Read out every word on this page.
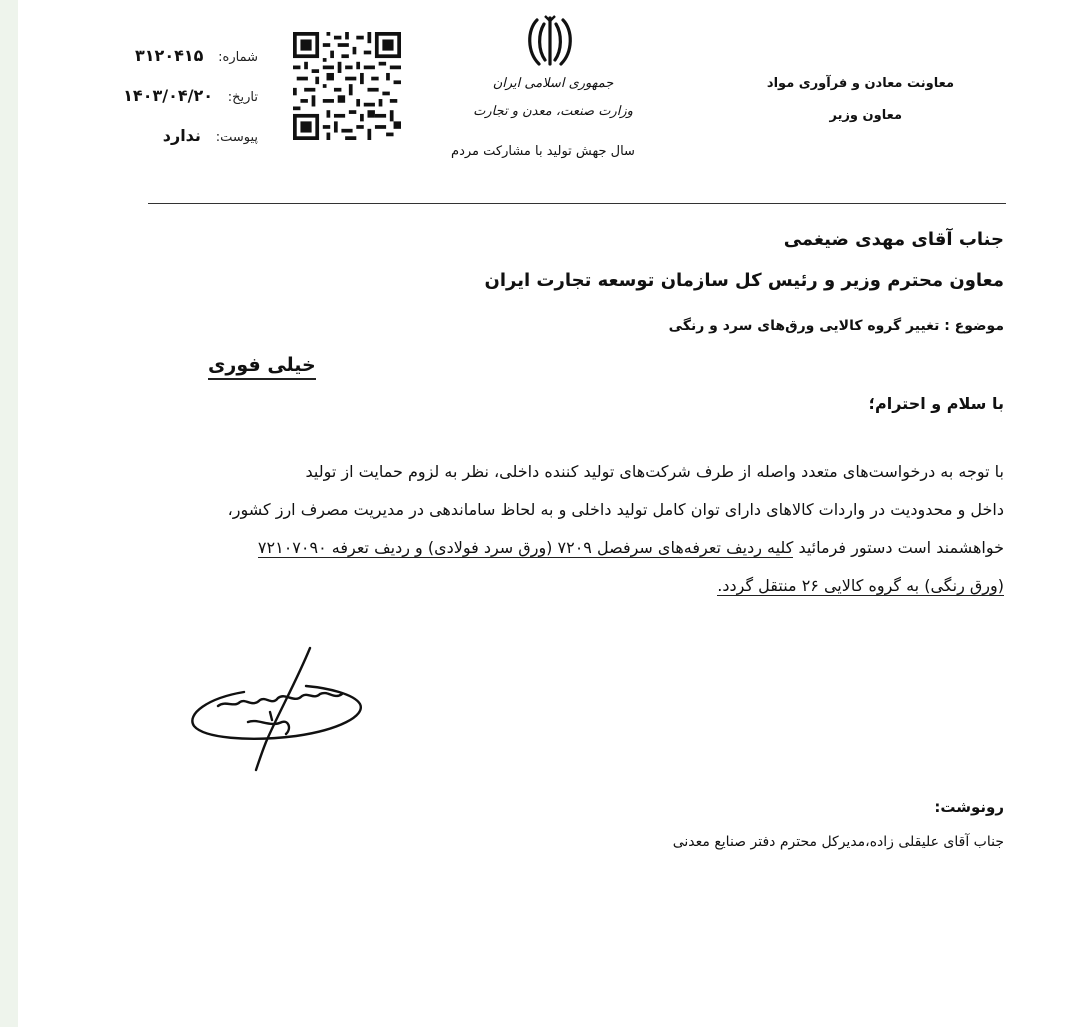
شماره: ۳۱۲۰۴۱۵
تاریخ: ۱۴۰۳/۰۴/۲۰
پیوست: ندارد
جمهوری اسلامی ایران
وزارت صنعت، معدن و تجارت
سال جهش تولید با مشارکت مردم
معاونت معادن و فرآوری مواد
معاون وزیر
جناب آقای مهدی ضیغمی
معاون محترم وزیر و رئیس کل سازمان توسعه تجارت ایران
موضوع : تغییر گروه کالایی ورق‌های سرد و رنگی
خیلی فوری
با سلام و احترام؛
با توجه به درخواست‌های متعدد واصله از طرف شرکت‌های تولید کننده داخلی، نظر به لزوم حمایت از تولید
داخل و محدودیت در واردات کالاهای دارای توان کامل تولید داخلی و به لحاظ ساماندهی در مدیریت مصرف ارز کشور،
خواهشمند است دستور فرمائید کلیه ردیف تعرفه‌های سرفصل ۷۲۰۹ (ورق سرد فولادی) و ردیف تعرفه ۷۲۱۰۷۰۹۰
(ورق رنگی) به گروه کالایی ۲۶ منتقل گردد.
رونوشت:
جناب آقای علیقلی زاده،مدیرکل محترم دفتر صنایع معدنی
